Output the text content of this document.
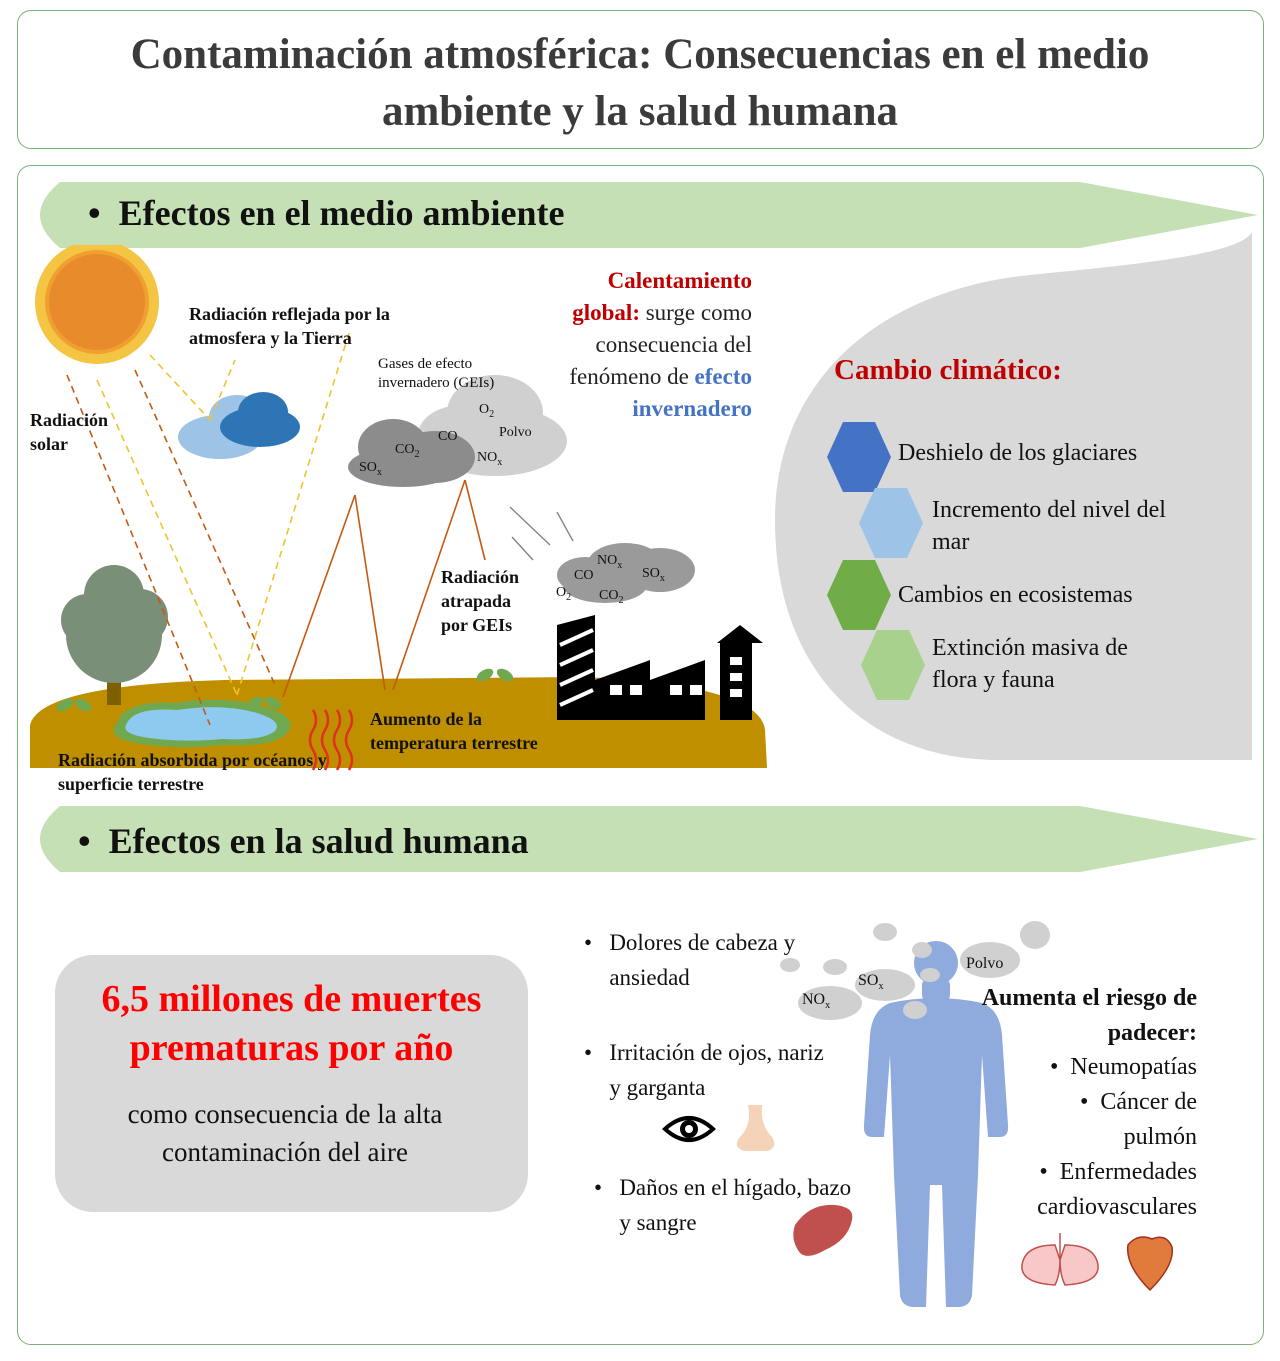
Contaminación atmosférica: Consecuencias en el medio
ambiente y la salud humana
• Efectos en el medio ambiente
Cambio climático:
Deshielo de los glaciares
Incremento del nivel del mar
Cambios en ecosistemas
Extinción masiva de flora y fauna
Radiación reflejada por la atmosfera y la Tierra
Radiación solar
Gases de efecto invernadero (GEIs)
Radiación atrapada por GEIs
Aumento de la temperatura terrestre
Radiación absorbida por océanos y superficie terrestre
$O_2$
Polvo
CO
$CO_2$	$NO_x$
$SO_x$
$NO_x$
CO	$SO_x$
$O_2$ $CO_2$
Calentamiento global: surge como consecuencia del fenómeno de efecto invernadero
• Efectos en la salud humana
6,5 millones de muertes
prematuras por año
como consecuencia de la alta contaminación del aire
• Dolores de cabeza y ansiedad
• Irritación de ojos, nariz y garganta
• Daños en el hígado, bazo y sangre
Polvo
$SO_x$
$NO_x$	Aumenta el riesgo de padecer:
• Neumopatías
• Cáncer de pulmón
• Enfermedades cardiovasculares
